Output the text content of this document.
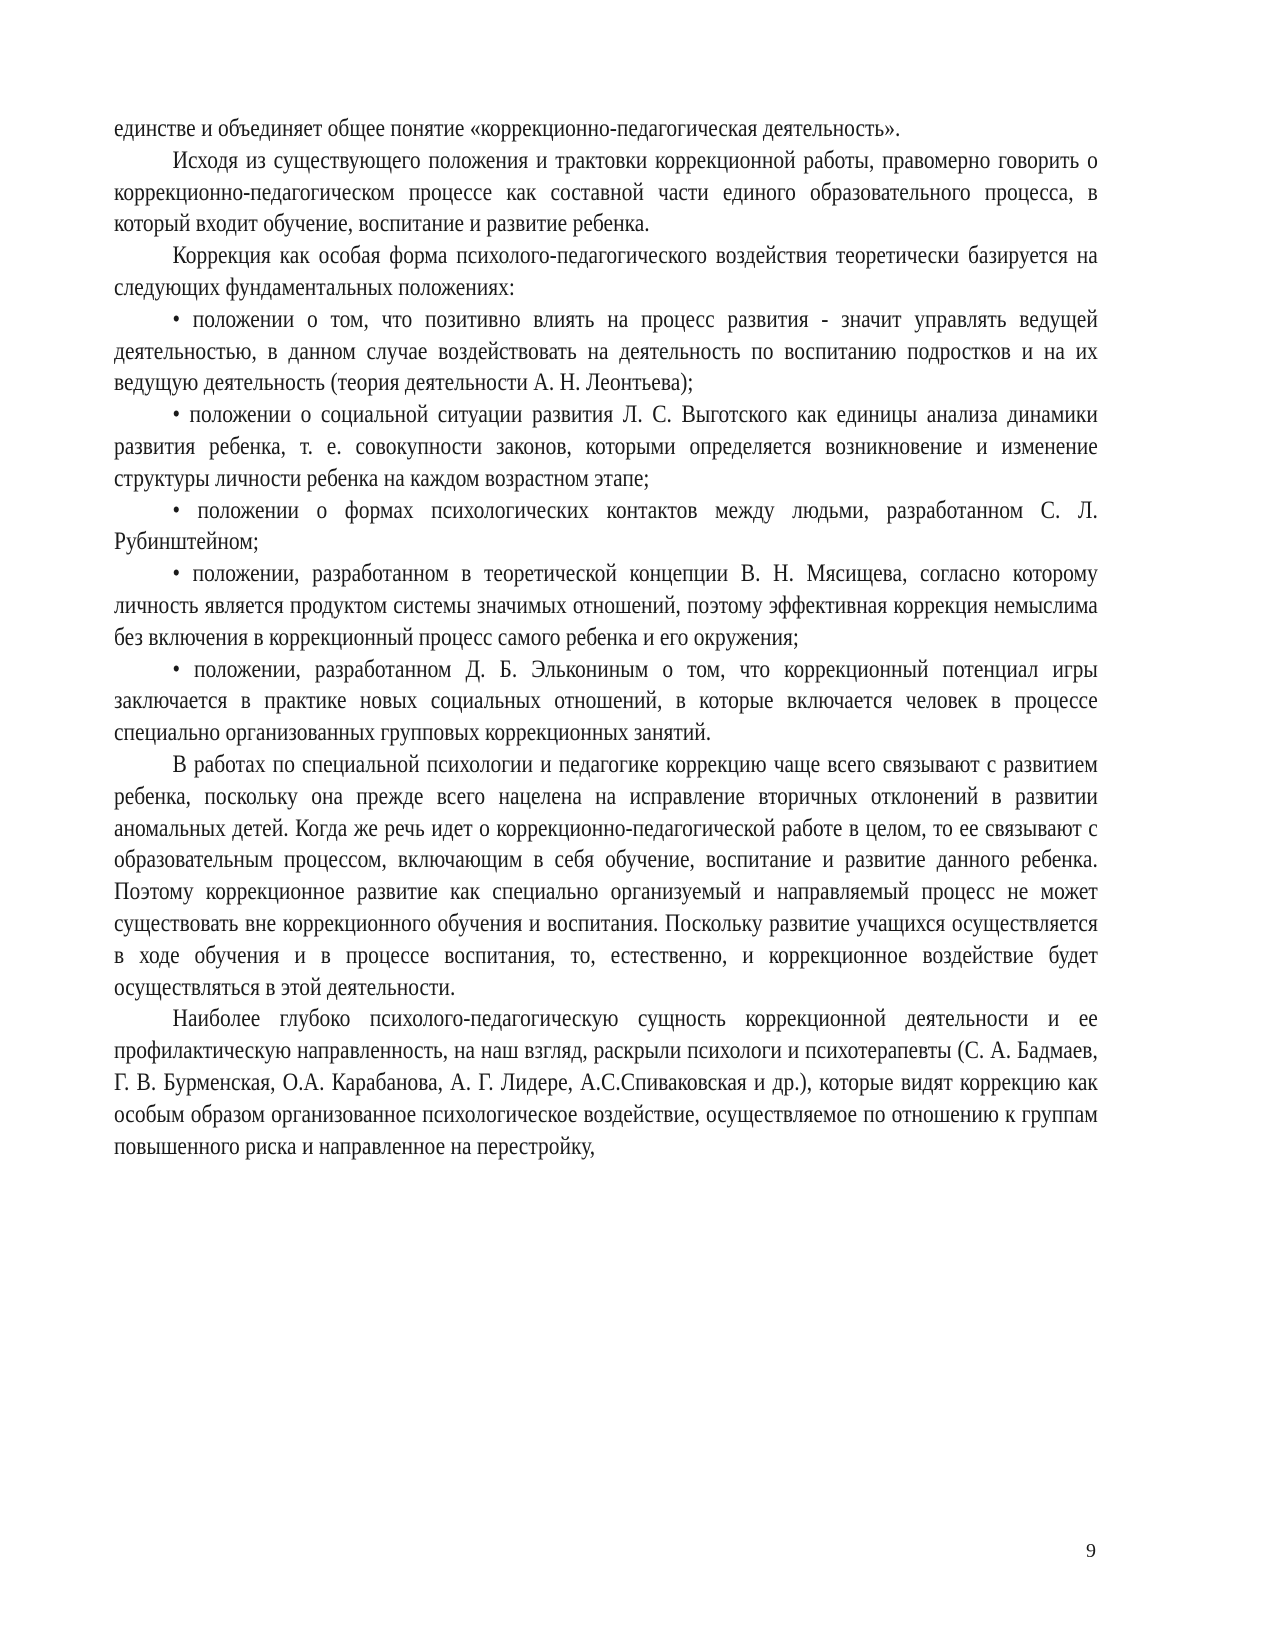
единстве и объединяет общее понятие «коррекционно-педагогическая деятельность».

Исходя из существующего положения и трактовки коррекционной работы, правомерно говорить о коррекционно-педагогическом процессе как составной части единого образовательного процесса, в который входит обучение, воспитание и развитие ребенка.

Коррекция как особая форма психолого-педагогического воздействия теоретически базируется на следующих фундаментальных положениях:

• положении о том, что позитивно влиять на процесс развития - значит управлять ведущей деятельностью, в данном случае воздействовать на деятельность по воспитанию подростков и на их ведущую деятельность (теория деятельности А. Н. Леонтьева);

• положении о социальной ситуации развития Л. С. Выготского как единицы анализа динамики развития ребенка, т. е. совокупности законов, которыми определяется возникновение и изменение структуры личности ребенка на каждом возрастном этапе;

• положении о формах психологических контактов между людьми, разработанном С. Л. Рубинштейном;

• положении, разработанном в теоретической концепции В. Н. Мясищева, согласно которому личность является продуктом системы значимых отношений, поэтому эффективная коррекция немыслима без включения в коррекционный процесс самого ребенка и его окружения;

• положении, разработанном Д. Б. Элькониным о том, что коррекционный потенциал игры заключается в практике новых социальных отношений, в которые включается человек в процессе специально организованных групповых коррекционных занятий.

В работах по специальной психологии и педагогике коррекцию чаще всего связывают с развитием ребенка, поскольку она прежде всего нацелена на исправление вторичных отклонений в развитии аномальных детей. Когда же речь идет о коррекционно-педагогической работе в целом, то ее связывают с образовательным процессом, включающим в себя обучение, воспитание и развитие данного ребенка. Поэтому коррекционное развитие как специально организуемый и направляемый процесс не может существовать вне коррекционного обучения и воспитания. Поскольку развитие учащихся осуществляется в ходе обучения и в процессе воспитания, то, естественно, и коррекционное воздействие будет осуществляться в этой деятельности.

Наиболее глубоко психолого-педагогическую сущность коррекционной деятельности и ее профилактическую направленность, на наш взгляд, раскрыли психологи и психотерапевты (С. А. Бадмаев, Г. В. Бурменская, О.А. Карабанова, А. Г. Лидере, А.С.Спиваковская и др.), которые видят коррекцию как особым образом организованное психологическое воздействие, осуществляемое по отношению к группам повышенного риска и направленное на перестройку,

9
